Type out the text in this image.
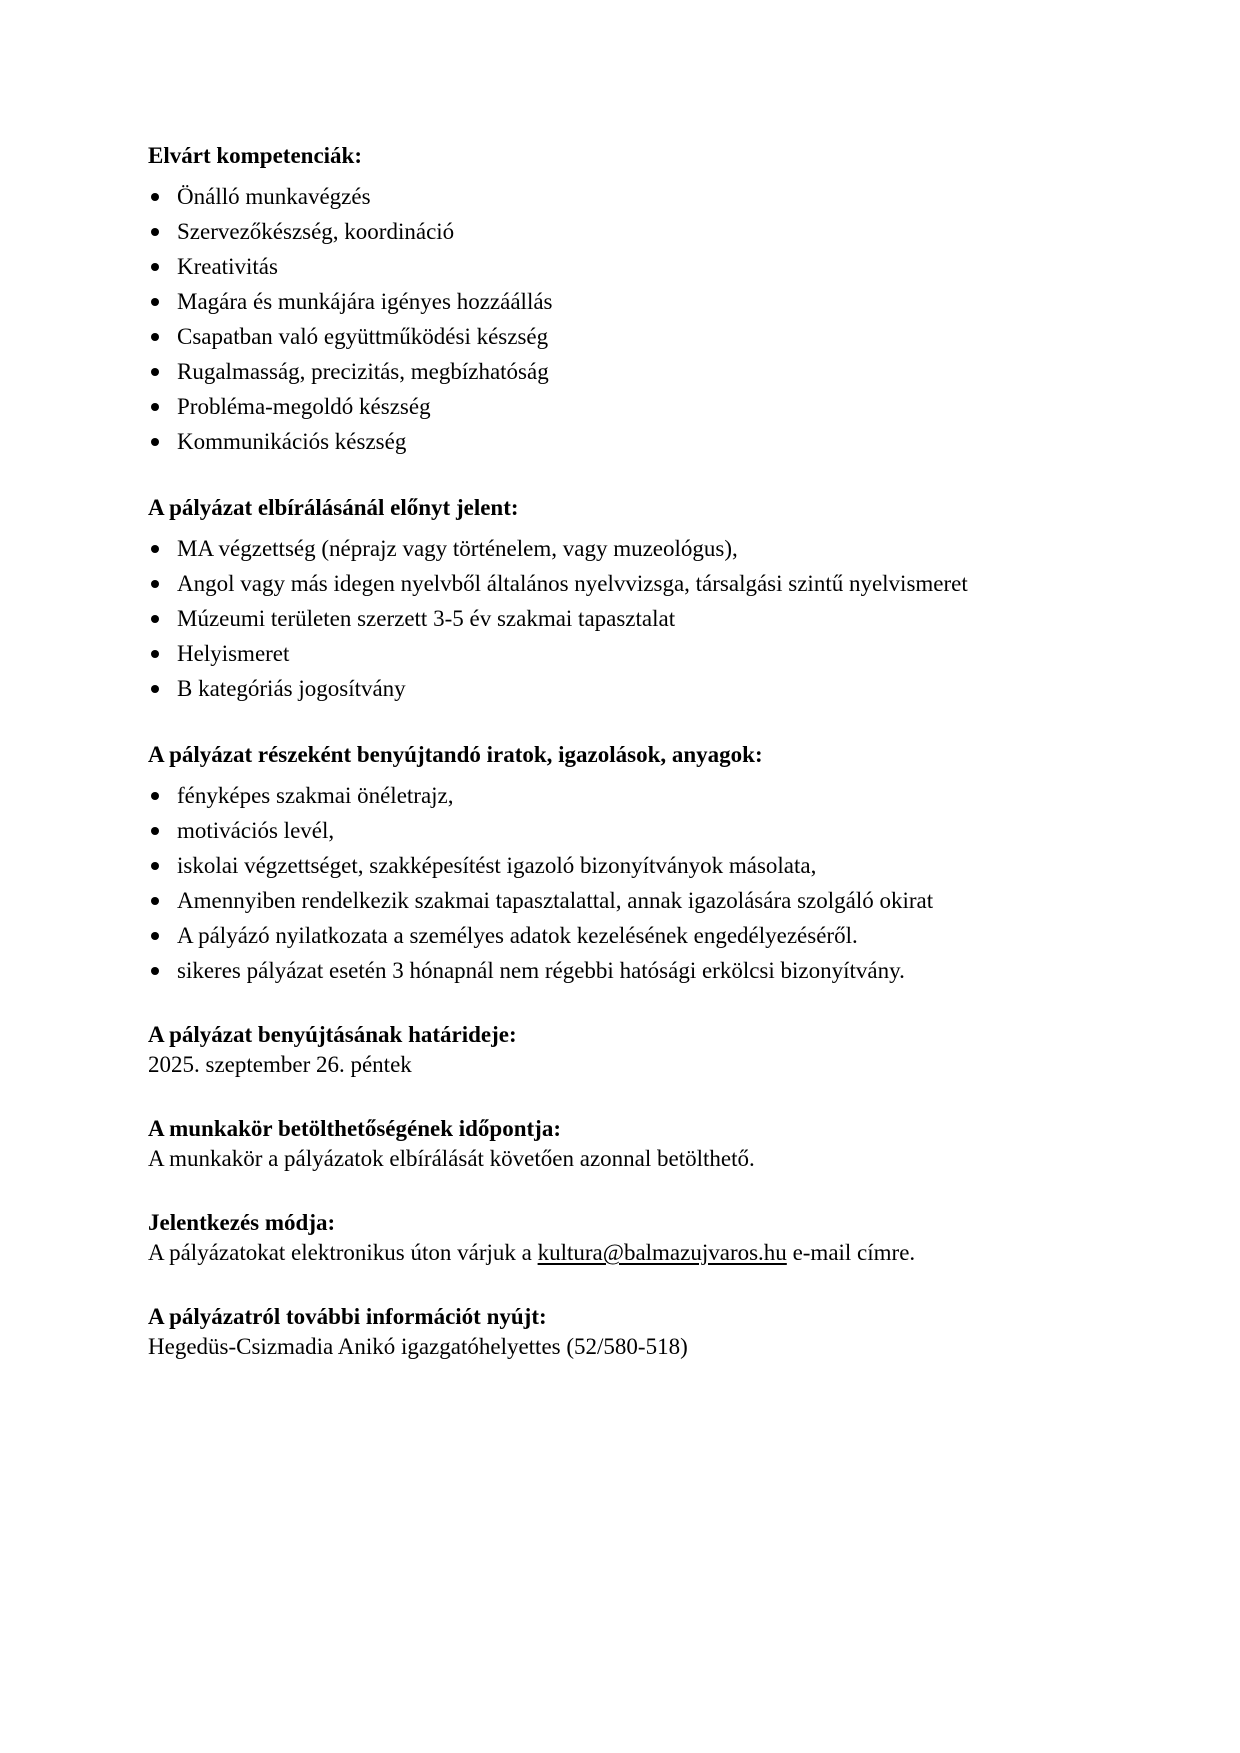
Elvárt kompetenciák:
Önálló munkavégzés
Szervezőkészség, koordináció
Kreativitás
Magára és munkájára igényes hozzáállás
Csapatban való együttműködési készség
Rugalmasság, precizitás, megbízhatóság
Probléma-megoldó készség
Kommunikációs készség
A pályázat elbírálásánál előnyt jelent:
MA végzettség (néprajz vagy történelem, vagy muzeológus),
Angol vagy más idegen nyelvből általános nyelvvizsga, társalgási szintű nyelvismeret
Múzeumi területen szerzett 3-5 év szakmai tapasztalat
Helyismeret
B kategóriás jogosítvány
A pályázat részeként benyújtandó iratok, igazolások, anyagok:
fényképes szakmai önéletrajz,
motivációs levél,
iskolai végzettséget, szakképesítést igazoló bizonyítványok másolata,
Amennyiben rendelkezik szakmai tapasztalattal, annak igazolására szolgáló okirat
A pályázó nyilatkozata a személyes adatok kezelésének engedélyezéséről.
sikeres pályázat esetén 3 hónapnál nem régebbi hatósági erkölcsi bizonyítvány.
A pályázat benyújtásának határideje:

2025. szeptember 26. péntek

A munkakör betölthetőségének időpontja:

A munkakör a pályázatok elbírálását követően azonnal betölthető.

Jelentkezés módja:

A pályázatokat elektronikus úton várjuk a kultura@balmazujvaros.hu e-mail címre.

A pályázatról további információt nyújt:

Hegedüs-Csizmadia Anikó igazgatóhelyettes (52/580-518)
